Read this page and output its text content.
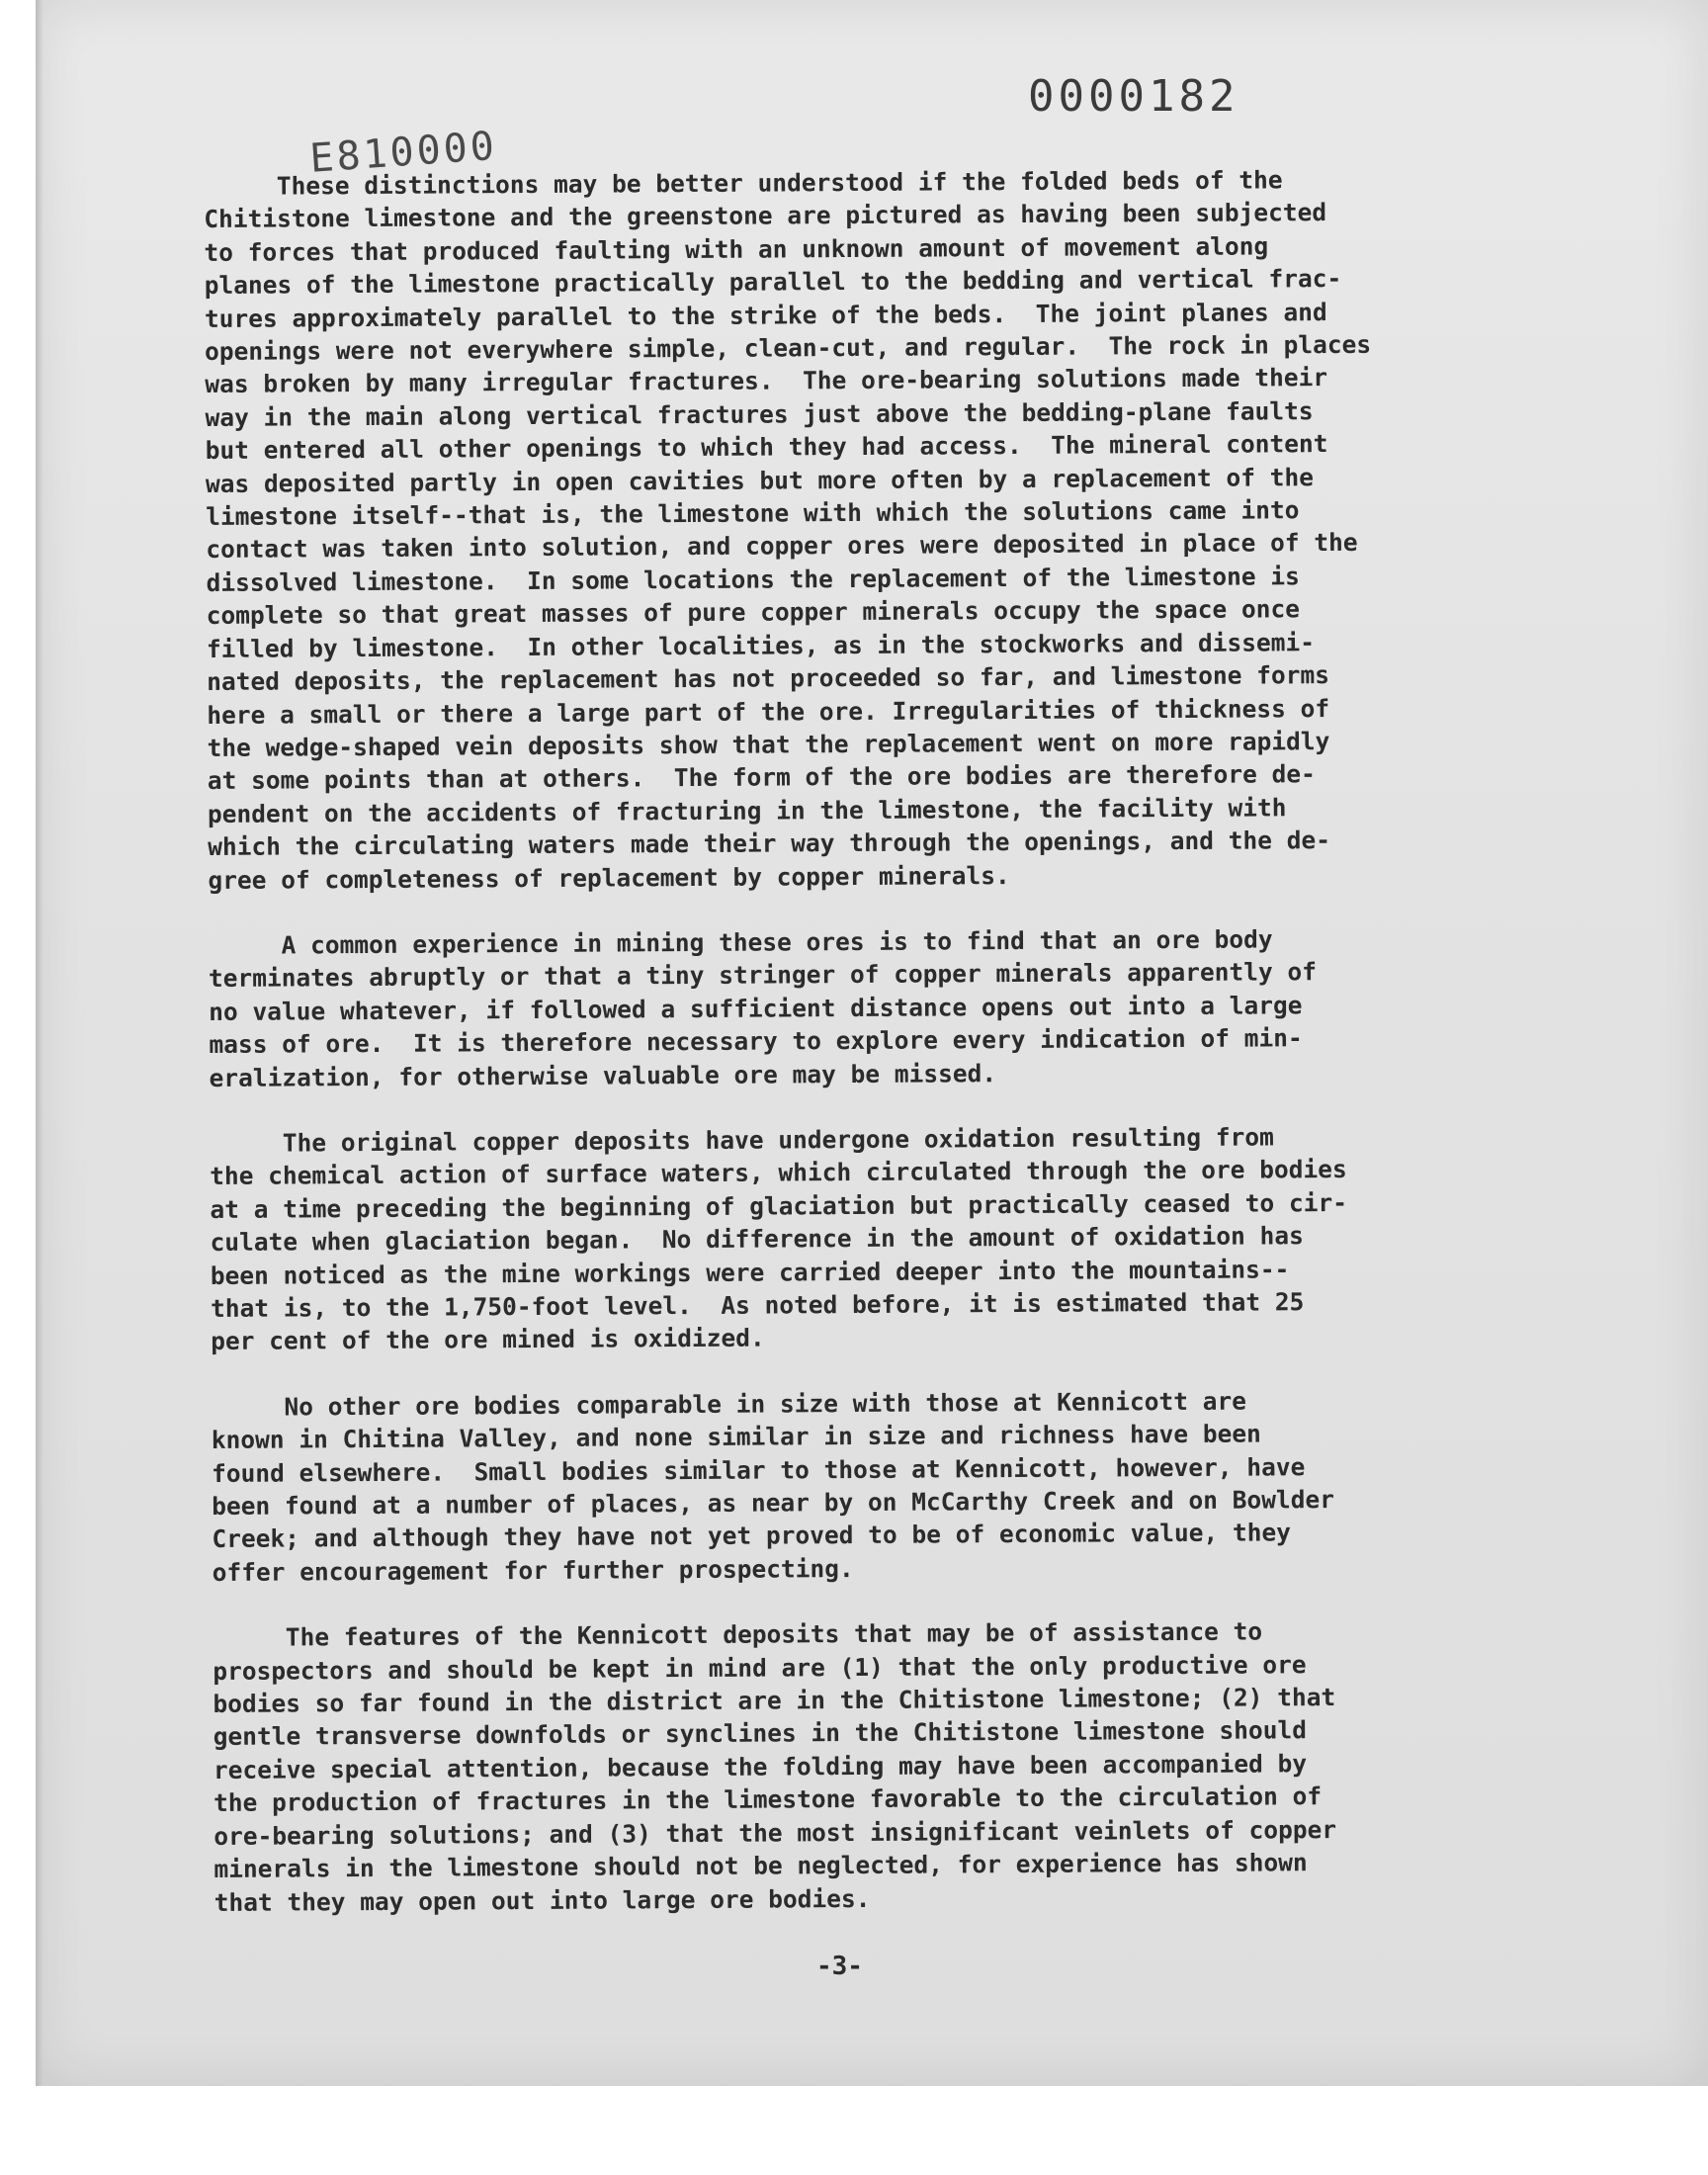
0000182
E810000
These distinctions may be better understood if the folded beds of the
Chitistone limestone and the greenstone are pictured as having been subjected
to forces that produced faulting with an unknown amount of movement along
planes of the limestone practically parallel to the bedding and vertical frac-
tures approximately parallel to the strike of the beds.  The joint planes and
openings were not everywhere simple, clean-cut, and regular.  The rock in places
was broken by many irregular fractures.  The ore-bearing solutions made their
way in the main along vertical fractures just above the bedding-plane faults
but entered all other openings to which they had access.  The mineral content
was deposited partly in open cavities but more often by a replacement of the
limestone itself--that is, the limestone with which the solutions came into
contact was taken into solution, and copper ores were deposited in place of the
dissolved limestone.  In some locations the replacement of the limestone is
complete so that great masses of pure copper minerals occupy the space once
filled by limestone.  In other localities, as in the stockworks and dissemi-
nated deposits, the replacement has not proceeded so far, and limestone forms
here a small or there a large part of the ore. Irregularities of thickness of
the wedge-shaped vein deposits show that the replacement went on more rapidly
at some points than at others.  The form of the ore bodies are therefore de-
pendent on the accidents of fracturing in the limestone, the facility with
which the circulating waters made their way through the openings, and the de-
gree of completeness of replacement by copper minerals.
A common experience in mining these ores is to find that an ore body
terminates abruptly or that a tiny stringer of copper minerals apparently of
no value whatever, if followed a sufficient distance opens out into a large
mass of ore.  It is therefore necessary to explore every indication of min-
eralization, for otherwise valuable ore may be missed.
The original copper deposits have undergone oxidation resulting from
the chemical action of surface waters, which circulated through the ore bodies
at a time preceding the beginning of glaciation but practically ceased to cir-
culate when glaciation began.  No difference in the amount of oxidation has
been noticed as the mine workings were carried deeper into the mountains--
that is, to the 1,750-foot level.  As noted before, it is estimated that 25
per cent of the ore mined is oxidized.
No other ore bodies comparable in size with those at Kennicott are
known in Chitina Valley, and none similar in size and richness have been
found elsewhere.  Small bodies similar to those at Kennicott, however, have
been found at a number of places, as near by on McCarthy Creek and on Bowlder
Creek; and although they have not yet proved to be of economic value, they
offer encouragement for further prospecting.
The features of the Kennicott deposits that may be of assistance to
prospectors and should be kept in mind are (1) that the only productive ore
bodies so far found in the district are in the Chitistone limestone; (2) that
gentle transverse downfolds or synclines in the Chitistone limestone should
receive special attention, because the folding may have been accompanied by
the production of fractures in the limestone favorable to the circulation of
ore-bearing solutions; and (3) that the most insignificant veinlets of copper
minerals in the limestone should not be neglected, for experience has shown
that they may open out into large ore bodies.
-3-
